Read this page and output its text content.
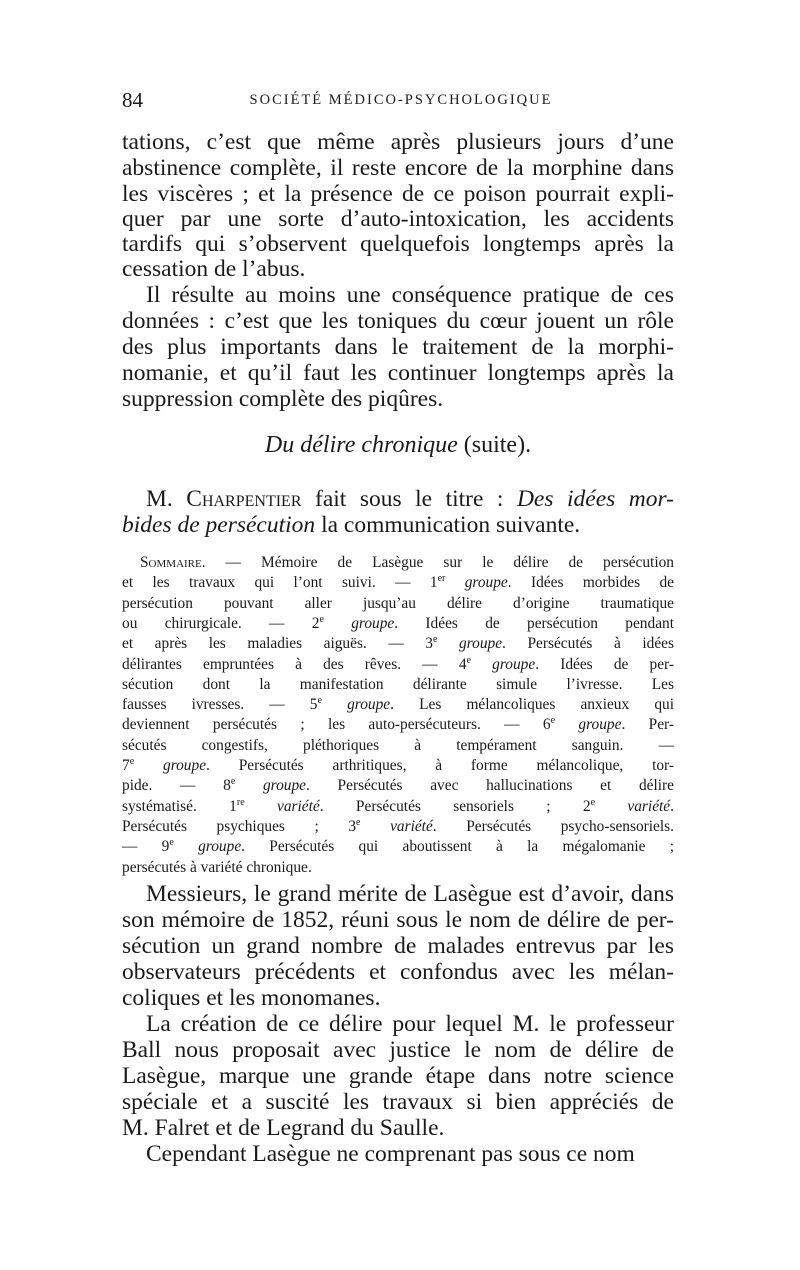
84	SOCIÉTÉ MÉDICO-PSYCHOLOGIQUE
tations, c’est que même après plusieurs jours d’une
abstinence complète, il reste encore de la morphine dans
les viscères ; et la présence de ce poison pourrait expli-
quer par une sorte d’auto-intoxication, les accidents
tardifs qui s’observent quelquefois longtemps après la
cessation de l’abus.
Il résulte au moins une conséquence pratique de ces
données : c’est que les toniques du cœur jouent un rôle
des plus importants dans le traitement de la morphi-
nomanie, et qu’il faut les continuer longtemps après la
suppression complète des piqûres.
Du délire chronique (suite).
M. Charpentier fait sous le titre : Des idées mor-
bides de persécution la communication suivante.
Sommaire. — Mémoire de Lasègue sur le délire de persécution
et les travaux qui l’ont suivi. — 1er groupe. Idées morbides de
persécution pouvant aller jusqu’au délire d’origine traumatique
ou chirurgicale. — 2e groupe. Idées de persécution pendant
et après les maladies aiguës. — 3e groupe. Persécutés à idées
délirantes empruntées à des rêves. — 4e groupe. Idées de per-
sécution dont la manifestation délirante simule l’ivresse. Les
fausses ivresses. — 5e groupe. Les mélancoliques anxieux qui
deviennent persécutés ; les auto-persécuteurs. — 6e groupe. Per-
sécutés congestifs, pléthoriques à tempérament sanguin. —
7e groupe. Persécutés arthritiques, à forme mélancolique, tor-
pide. — 8e groupe. Persécutés avec hallucinations et délire
systématisé. 1re variété. Persécutés sensoriels ; 2e variété.
Persécutés psychiques ; 3e variété. Persécutés psycho-sensoriels.
— 9e groupe. Persécutés qui aboutissent à la mégalomanie ;
persécutés à variété chronique.
Messieurs, le grand mérite de Lasègue est d’avoir, dans
son mémoire de 1852, réuni sous le nom de délire de per-
sécution un grand nombre de malades entrevus par les
observateurs précédents et confondus avec les mélan-
coliques et les monomanes.
La création de ce délire pour lequel M. le professeur
Ball nous proposait avec justice le nom de délire de
Lasègue, marque une grande étape dans notre science
spéciale et a suscité les travaux si bien appréciés de
M. Falret et de Legrand du Saulle.
Cependant Lasègue ne comprenant pas sous ce nom
